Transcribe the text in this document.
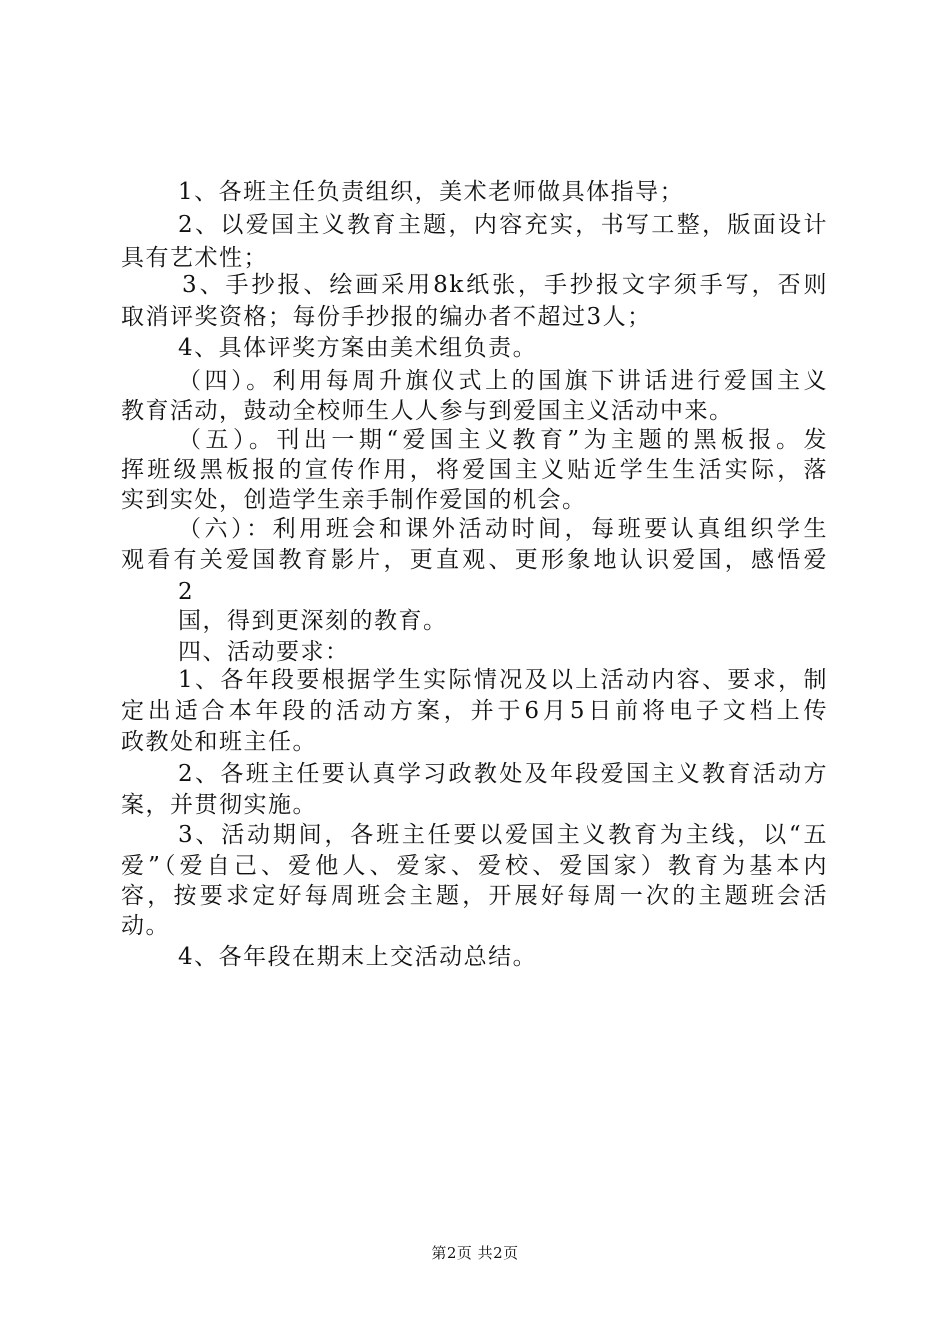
1、各班主任负责组织，美术老师做具体指导；
2、以爱国主义教育主题，内容充实，书写工整，版面设计
具有艺术性；
3、手抄报、绘画采用8k纸张，手抄报文字须手写，否则
取消评奖资格；每份手抄报的编办者不超过3人；
4、具体评奖方案由美术组负责。
（四）。利用每周升旗仪式上的国旗下讲话进行爱国主义
教育活动，鼓动全校师生人人参与到爱国主义活动中来。
（五）。刊出一期“爱国主义教育”为主题的黑板报。发
挥班级黑板报的宣传作用，将爱国主义贴近学生生活实际，落
实到实处，创造学生亲手制作爱国的机会。
（六）：利用班会和课外活动时间，每班要认真组织学生
观看有关爱国教育影片，更直观、更形象地认识爱国，感悟爱
2
国，得到更深刻的教育。
四、活动要求：
1、各年段要根据学生实际情况及以上活动内容、要求，制
定出适合本年段的活动方案，并于6月5日前将电子文档上传
政教处和班主任。
2、各班主任要认真学习政教处及年段爱国主义教育活动方
案，并贯彻实施。
3、活动期间，各班主任要以爱国主义教育为主线，以“五
爱”（爱自己、爱他人、爱家、爱校、爱国家）教育为基本内
容，按要求定好每周班会主题，开展好每周一次的主题班会活
动。
4、各年段在期末上交活动总结。
第2页 共2页
